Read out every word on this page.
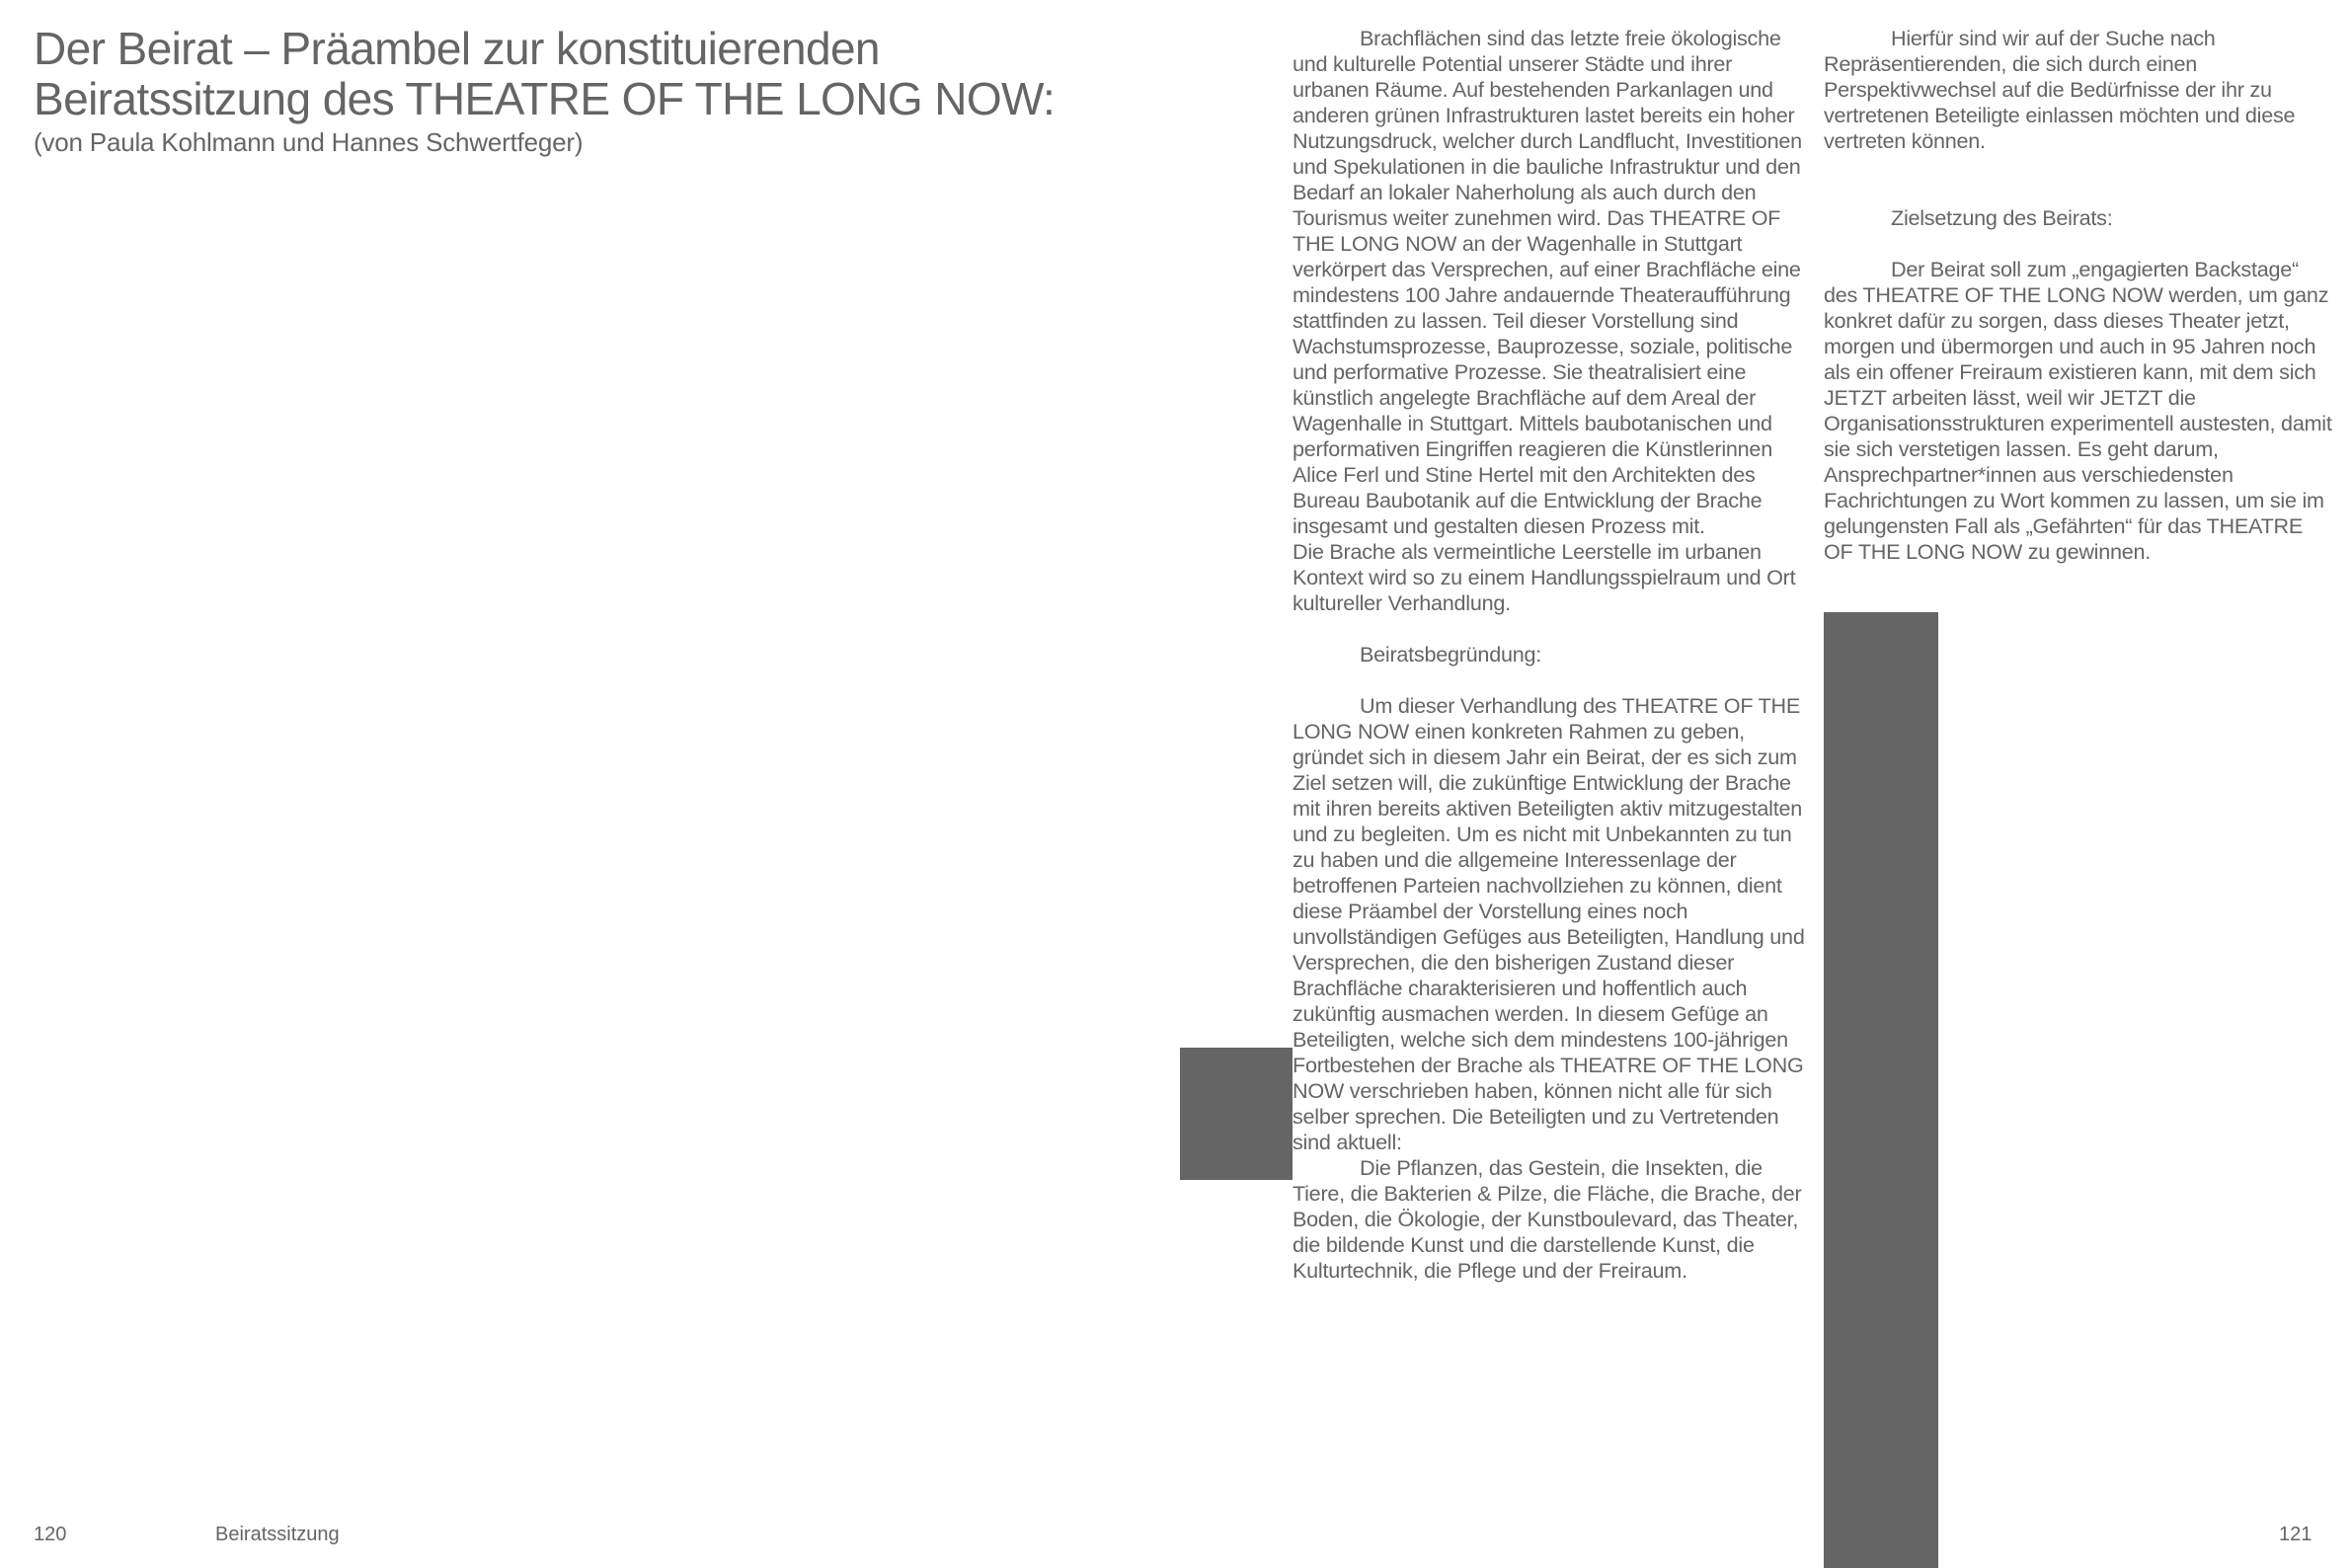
Der Beirat – Präambel zur konstituierenden
Beiratssitzung des THEATRE OF THE LONG NOW:
(von Paula Kohlmann und Hannes Schwertfeger)

Brachflächen sind das letzte freie ökologische und kulturelle Potential unserer Städte und ihrer urbanen Räume. Auf bestehenden Parkanlagen und anderen grünen Infrastrukturen lastet bereits ein hoher Nutzungsdruck, welcher durch Landflucht, Investitionen und Spekulationen in die bauliche Infrastruktur und den Bedarf an lokaler Naherholung als auch durch den Tourismus weiter zunehmen wird. Das THEATRE OF THE LONG NOW an der Wagenhalle in Stuttgart verkörpert das Versprechen, auf einer Brachfläche eine mindestens 100 Jahre andauernde Theateraufführung stattfinden zu lassen. Teil dieser Vorstellung sind Wachstumsprozesse, Bauprozesse, soziale, politische und performative Prozesse. Sie theatralisiert eine künstlich angelegte Brachfläche auf dem Areal der Wagenhalle in Stuttgart. Mittels baubotanischen und performativen Eingriffen reagieren die Künstlerinnen Alice Ferl und Stine Hertel mit den Architekten des Bureau Baubotanik auf die Entwicklung der Brache insgesamt und gestalten diesen Prozess mit.

Die Brache als vermeintliche Leerstelle im urbanen Kontext wird so zu einem Handlungsspielraum und Ort kultureller Verhandlung.

Beiratsbegründung:

Um dieser Verhandlung des THEATRE OF THE LONG NOW einen konkreten Rahmen zu geben, gründet sich in diesem Jahr ein Beirat, der es sich zum Ziel setzen will, die zukünftige Entwicklung der Brache mit ihren bereits aktiven Beteiligten aktiv mitzugestalten und zu begleiten. Um es nicht mit Unbekannten zu tun zu haben und die allgemeine Interessenlage der betroffenen Parteien nachvollziehen zu können, dient diese Präambel der Vorstellung eines noch unvollständigen Gefüges aus Beteiligten, Handlung und Versprechen, die den bisherigen Zustand dieser Brachfläche charakterisieren und hoffentlich auch zukünftig ausmachen werden. In diesem Gefüge an Beteiligten, welche sich dem mindestens 100-jährigen Fortbestehen der Brache als THEATRE OF THE LONG NOW verschrieben haben, können nicht alle für sich selber sprechen. Die Beteiligten und zu Vertretenden sind aktuell:

Die Pflanzen, das Gestein, die Insekten, die Tiere, die Bakterien & Pilze, die Fläche, die Brache, der Boden, die Ökologie, der Kunstboulevard, das Theater, die bildende Kunst und die darstellende Kunst, die Kulturtechnik, die Pflege und der Freiraum.

Hierfür sind wir auf der Suche nach Repräsentierenden, die sich durch einen Perspektivwechsel auf die Bedürfnisse der ihr zu vertretenen Beteiligte einlassen möchten und diese vertreten können.

Zielsetzung des Beirats:

Der Beirat soll zum „engagierten Backstage“ des THEATRE OF THE LONG NOW werden, um ganz konkret dafür zu sorgen, dass dieses Theater jetzt, morgen und übermorgen und auch in 95 Jahren noch als ein offener Freiraum existieren kann, mit dem sich JETZT arbeiten lässt, weil wir JETZT die Organisationsstrukturen experimentell austesten, damit sie sich verstetigen lassen. Es geht darum, Ansprechpartner*innen aus verschiedensten Fachrichtungen zu Wort kommen zu lassen, um sie im gelungensten Fall als „Gefährten“ für das THEATRE OF THE LONG NOW zu gewinnen.

120	Beiratssitzung	121
